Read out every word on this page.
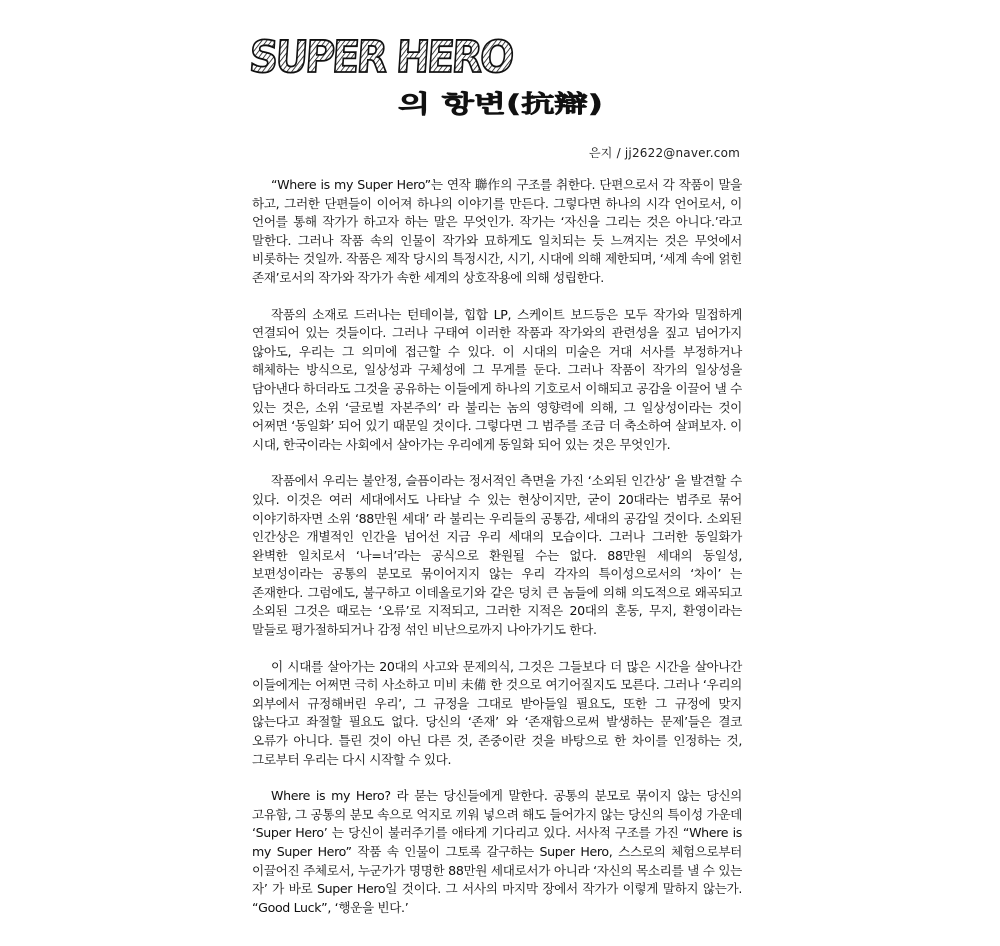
SUPER HERO
의 항변(抗辯)
은지 / jj2622@naver.com

“Where is my Super Hero”는 연작 聯作의 구조를 취한다. 단편으로서 각 작품이 말을 하고, 그러한 단편들이 이어져 하나의 이야기를 만든다. 그렇다면 하나의 시각 언어로서, 이 언어를 통해 작가가 하고자 하는 말은 무엇인가. 작가는 ‘자신을 그리는 것은 아니다.’라고 말한다. 그러나 작품 속의 인물이 작가와 묘하게도 일치되는 듯 느껴지는 것은 무엇에서 비롯하는 것일까. 작품은 제작 당시의 특정시간, 시기, 시대에 의해 제한되며, ‘세계 속에 얽힌 존재’로서의 작가와 작가가 속한 세계의 상호작용에 의해 성립한다.

작품의 소재로 드러나는 턴테이블, 힙합 LP, 스케이트 보드등은 모두 작가와 밀접하게 연결되어 있는 것들이다. 그러나 구태여 이러한 작품과 작가와의 관련성을 짚고 넘어가지 않아도, 우리는 그 의미에 접근할 수 있다. 이 시대의 미술은 거대 서사를 부정하거나 해체하는 방식으로, 일상성과 구체성에 그 무게를 둔다. 그러나 작품이 작가의 일상성을 담아낸다 하더라도 그것을 공유하는 이들에게 하나의 기호로서 이해되고 공감을 이끌어 낼 수 있는 것은, 소위 ‘글로벌 자본주의’ 라 불리는 놈의 영향력에 의해, 그 일상성이라는 것이 어쩌면 ‘동일화’ 되어 있기 때문일 것이다. 그렇다면 그 범주를 조금 더 축소하여 살펴보자. 이 시대, 한국이라는 사회에서 살아가는 우리에게 동일화 되어 있는 것은 무엇인가.

작품에서 우리는 불안정, 슬픔이라는 정서적인 측면을 가진 ‘소외된 인간상’ 을 발견할 수 있다. 이것은 여러 세대에서도 나타날 수 있는 현상이지만, 굳이 20대라는 범주로 묶어 이야기하자면 소위 ‘88만원 세대’ 라 불리는 우리들의 공통감, 세대의 공감일 것이다. 소외된 인간상은 개별적인 인간을 넘어선 지금 우리 세대의 모습이다. 그러나 그러한 동일화가 완벽한 일치로서 ‘나=너’라는 공식으로 환원될 수는 없다. 88만원 세대의 동일성, 보편성이라는 공통의 분모로 묶이어지지 않는 우리 각자의 특이성으로서의 ‘차이’ 는 존재한다. 그럼에도, 불구하고 이데올로기와 같은 덩치 큰 놈들에 의해 의도적으로 왜곡되고 소외된 그것은 때로는 ‘오류’로 지적되고, 그러한 지적은 20대의 혼동, 무지, 환영이라는 말들로 평가절하되거나 감정 섞인 비난으로까지 나아가기도 한다.

이 시대를 살아가는 20대의 사고와 문제의식, 그것은 그들보다 더 많은 시간을 살아나간 이들에게는 어쩌면 극히 사소하고 미비 未備 한 것으로 여기어질지도 모른다. 그러나 ‘우리의 외부에서 규정해버린 우리’, 그 규정을 그대로 받아들일 필요도, 또한 그 규정에 맞지 않는다고 좌절할 필요도 없다. 당신의 ‘존재’ 와 ‘존재함으로써 발생하는 문제’들은 결코 오류가 아니다. 틀린 것이 아닌 다른 것, 존중이란 것을 바탕으로 한 차이를 인정하는 것, 그로부터 우리는 다시 시작할 수 있다.

Where is my Hero? 라 묻는 당신들에게 말한다. 공통의 분모로 묶이지 않는 당신의 고유함, 그 공통의 분모 속으로 억지로 끼워 넣으려 해도 들어가지 않는 당신의 특이성 가운데 ‘Super Hero’ 는 당신이 불러주기를 애타게 기다리고 있다. 서사적 구조를 가진 “Where is my Super Hero” 작품 속 인물이 그토록 갈구하는 Super Hero, 스스로의 체험으로부터 이끌어진 주체로서, 누군가가 명명한 88만원 세대로서가 아니라 ‘자신의 목소리를 낼 수 있는 자’ 가 바로 Super Hero일 것이다. 그 서사의 마지막 장에서 작가가 이렇게 말하지 않는가. “Good Luck”, ‘행운을 빈다.’
